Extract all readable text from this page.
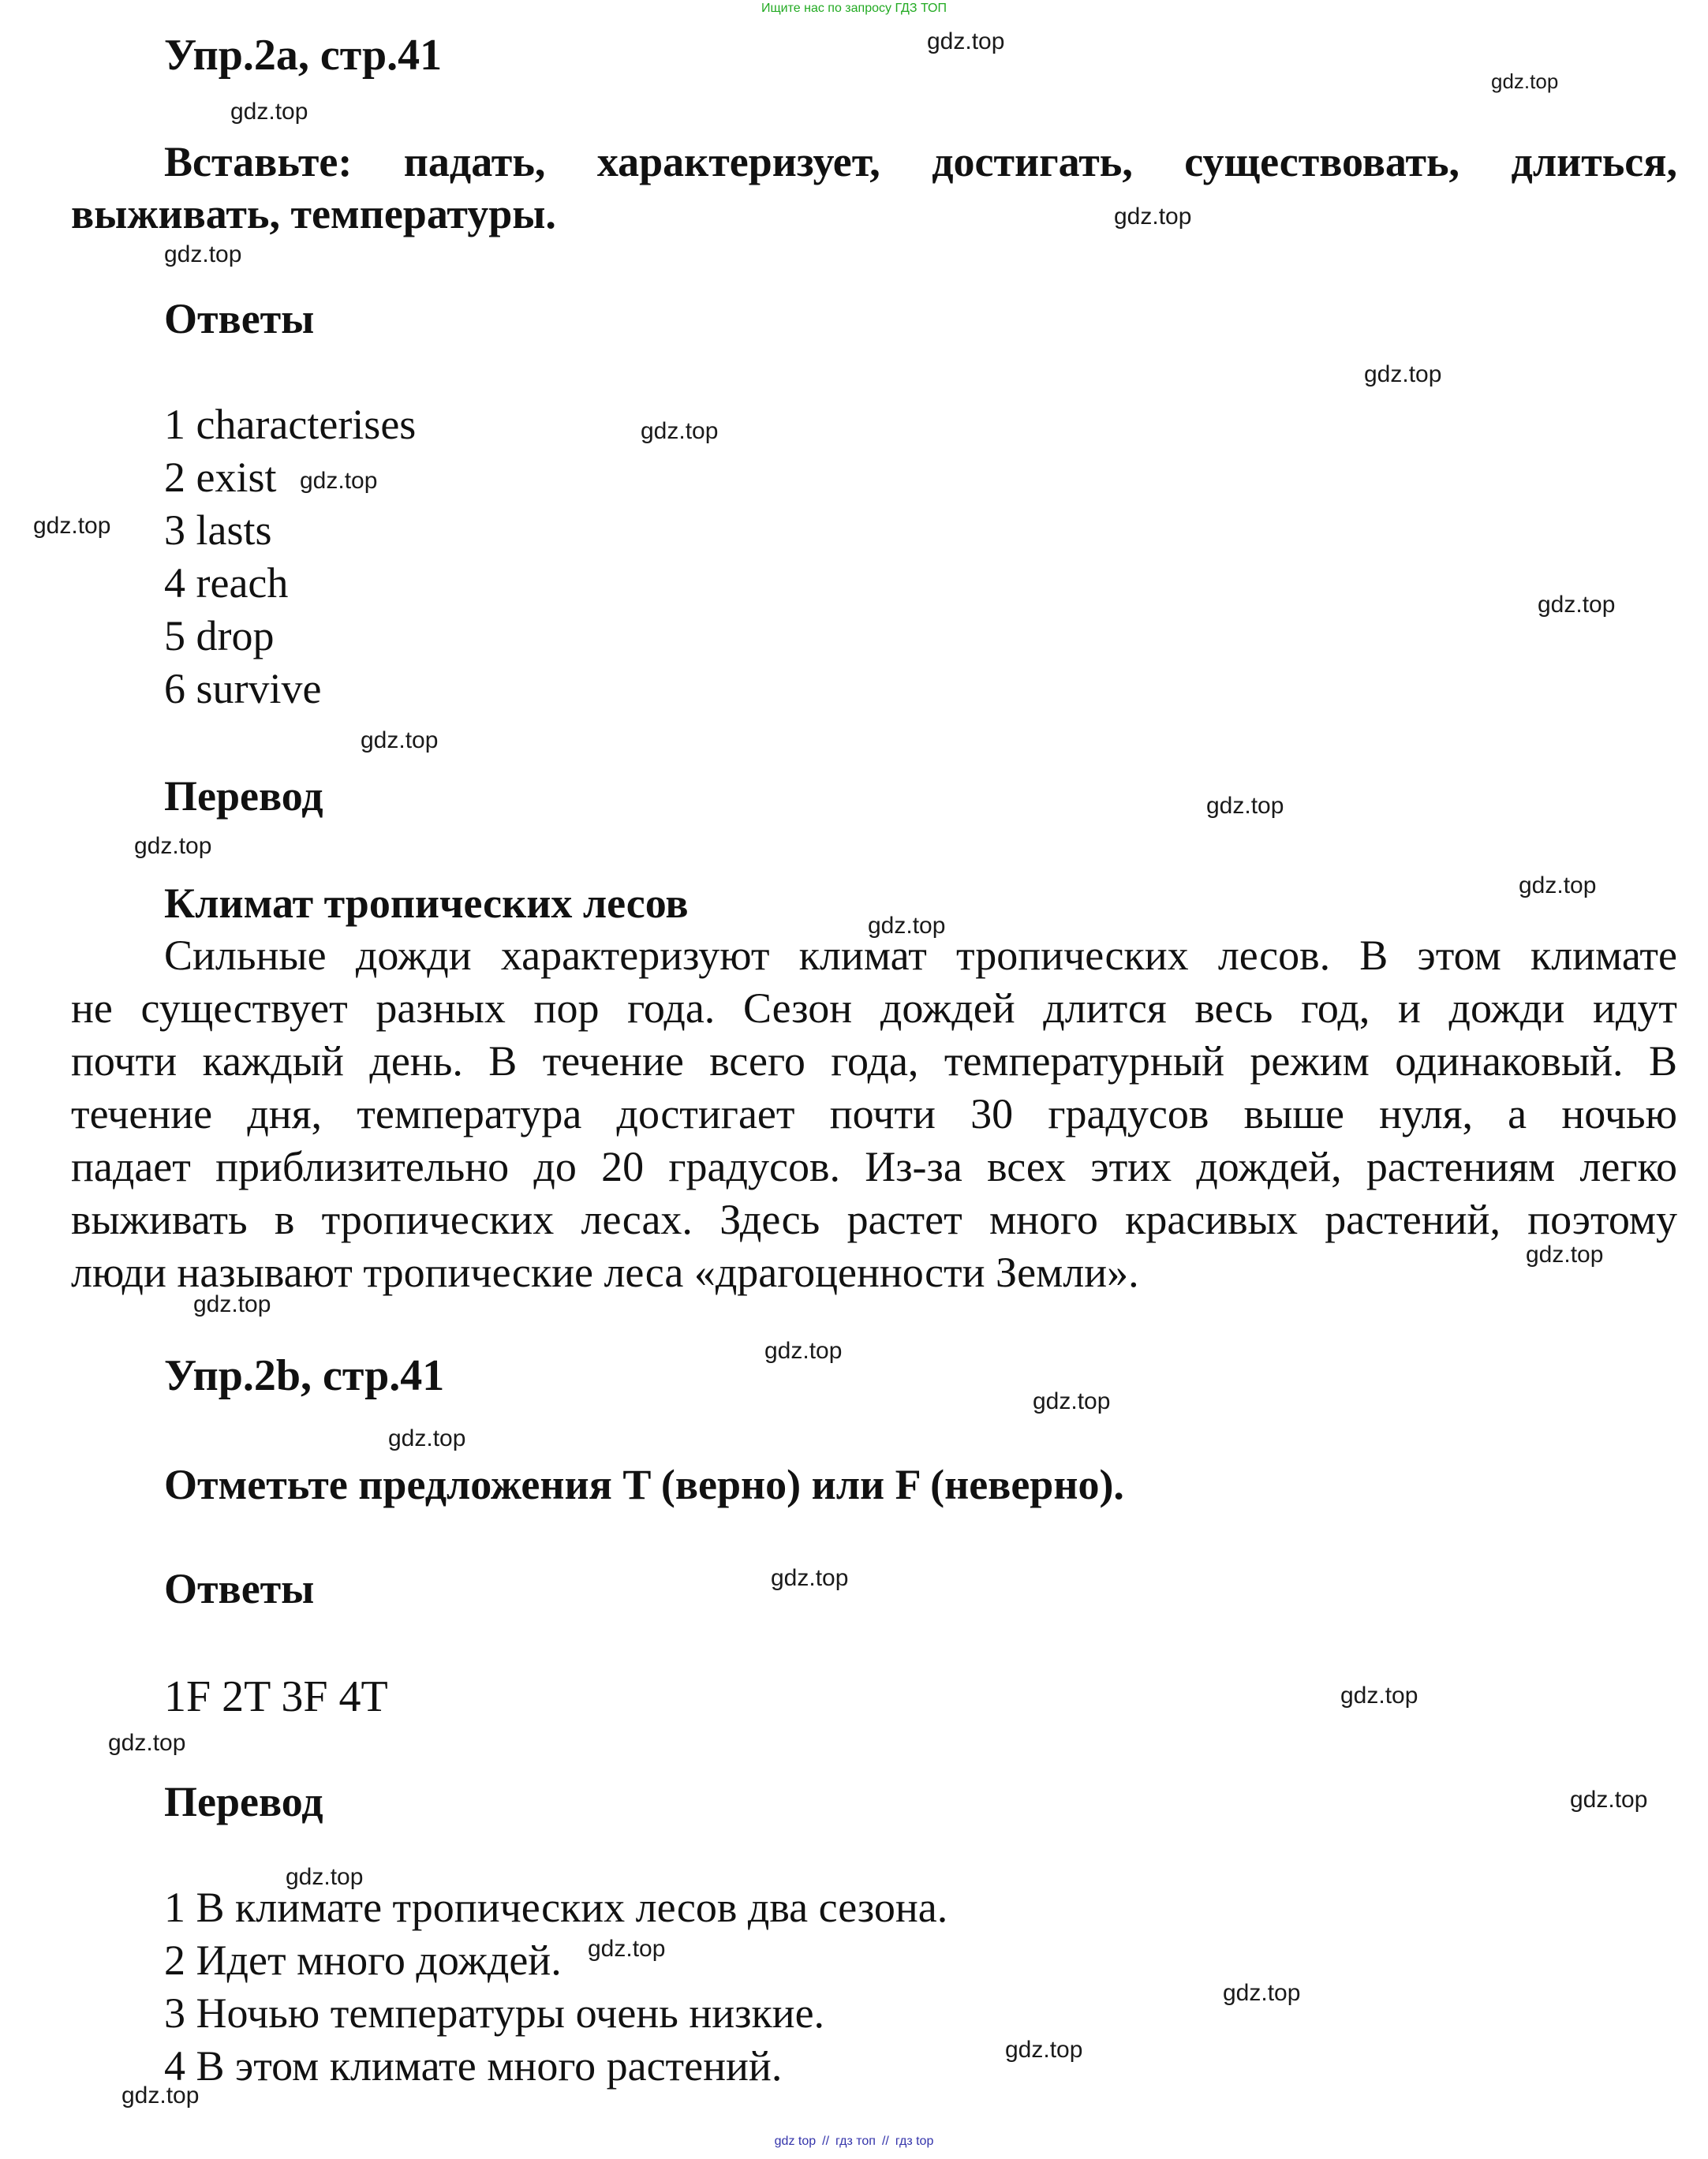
Ищите нас по запросу ГДЗ ТОП
Упр.2а, стр.41
Вставьте: падать, характеризует, достигать, существовать, длиться,
выживать, температуры.
Ответы
1 characterises
2 exist
3 lasts
4 reach
5 drop
6 survive
Перевод
Климат тропических лесов
Сильные дожди характеризуют климат тропических лесов. В этом климате
не существует разных пор года. Сезон дождей длится весь год, и дожди идут
почти каждый день. В течение всего года, температурный режим одинаковый. В
течение дня, температура достигает почти 30 градусов выше нуля, а ночью
падает приблизительно до 20 градусов. Из-за всех этих дождей, растениям легко
выживать в тропических лесах. Здесь растет много красивых растений, поэтому
люди называют тропические леса «драгоценности Земли».
Упр.2b, стр.41
Отметьте предложения T (верно) или F (неверно).
Ответы
1F 2T 3F 4T
Перевод
1 В климате тропических лесов два сезона.
2 Идет много дождей.
3 Ночью температуры очень низкие.
4 В этом климате много растений.
gdz.top
gdz.top
gdz.top
gdz.top
gdz.top
gdz.top
gdz.top
gdz.top
gdz.top
gdz.top
gdz.top
gdz.top
gdz.top
gdz.top
gdz.top
gdz.top
gdz.top
gdz.top
gdz.top
gdz.top
gdz.top
gdz.top
gdz.top
gdz.top
gdz.top
gdz.top
gdz.top
gdz.top
gdz.top
gdz top // гдз топ // гдз top
